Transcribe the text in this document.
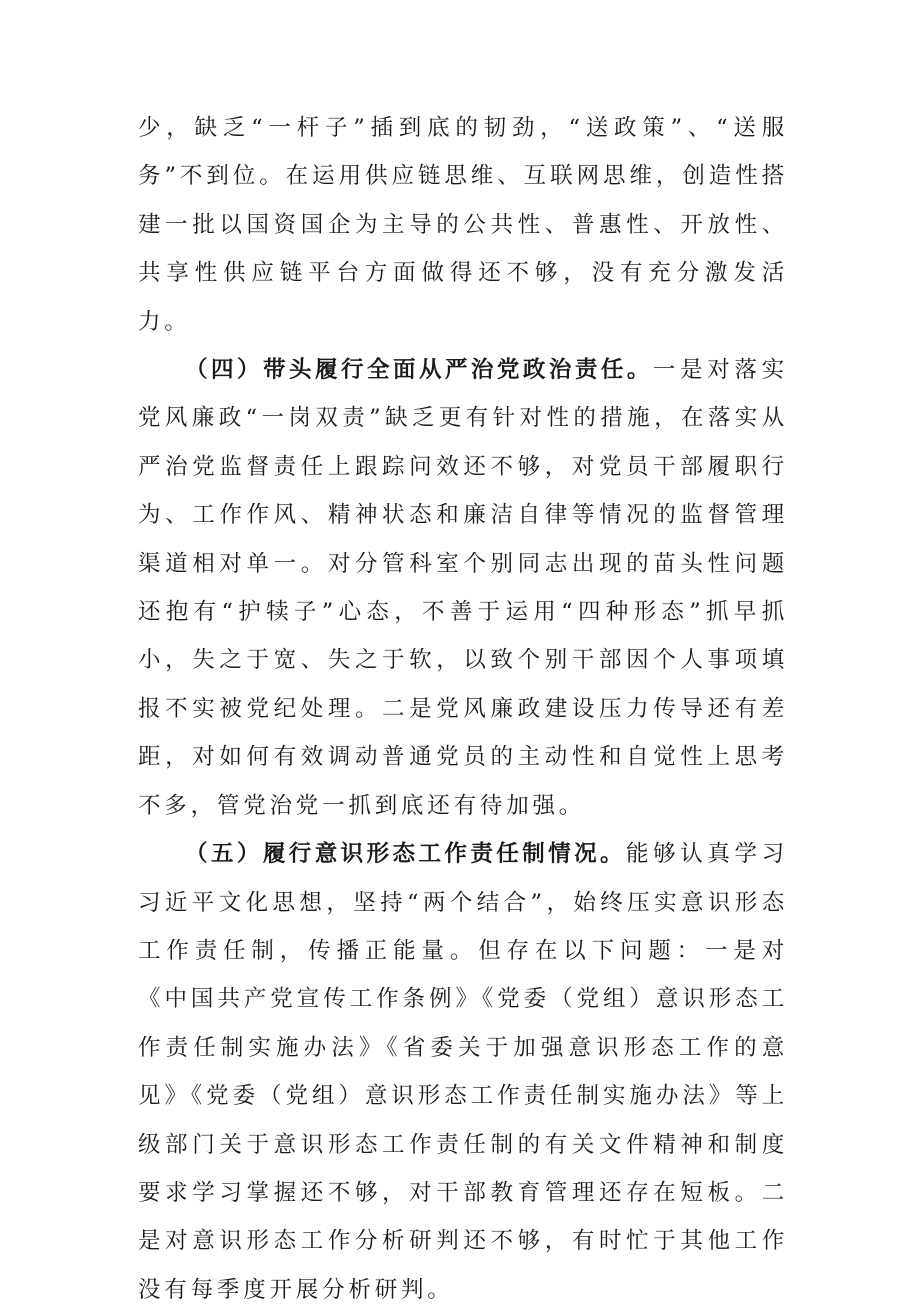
少，缺乏“一杆子”插到底的韧劲，“送政策”、“送服务”不到位。在运用供应链思维、互联网思维，创造性搭建一批以国资国企为主导的公共性、普惠性、开放性、共享性供应链平台方面做得还不够，没有充分激发活力。

（四）带头履行全面从严治党政治责任。一是对落实党风廉政“一岗双责”缺乏更有针对性的措施，在落实从严治党监督责任上跟踪问效还不够，对党员干部履职行为、工作作风、精神状态和廉洁自律等情况的监督管理渠道相对单一。对分管科室个别同志出现的苗头性问题还抱有“护犊子”心态，不善于运用“四种形态”抓早抓小，失之于宽、失之于软，以致个别干部因个人事项填报不实被党纪处理。二是党风廉政建设压力传导还有差距，对如何有效调动普通党员的主动性和自觉性上思考不多，管党治党一抓到底还有待加强。

（五）履行意识形态工作责任制情况。能够认真学习习近平文化思想，坚持“两个结合”，始终压实意识形态工作责任制，传播正能量。但存在以下问题：一是对《中国共产党宣传工作条例》《党委（党组）意识形态工作责任制实施办法》《省委关于加强意识形态工作的意见》《党委（党组）意识形态工作责任制实施办法》等上级部门关于意识形态工作责任制的有关文件精神和制度要求学习掌握还不够，对干部教育管理还存在短板。二是对意识形态工作分析研判还不够，有时忙于其他工作没有每季度开展分析研判。
